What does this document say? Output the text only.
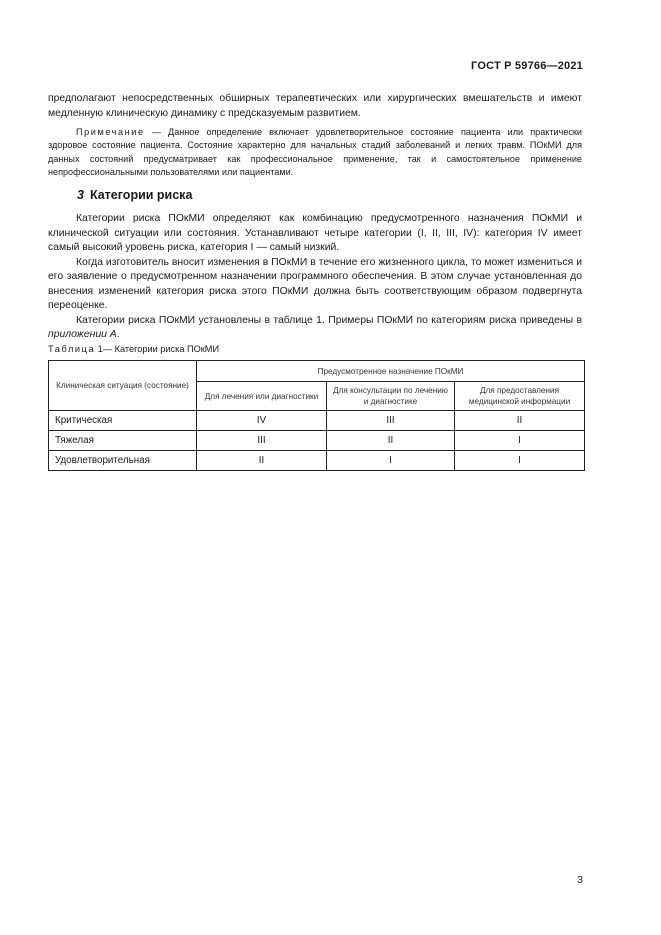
ГОСТ Р 59766—2021

предполагают непосредственных обширных терапевтических или хирургических вмешательств и имеют медленную клиническую динамику с предсказуемым развитием.

Примечание — Данное определение включает удовлетворительное состояние пациента или практически здоровое состояние пациента. Состояние характерно для начальных стадий заболеваний и легких травм. ПОкМИ для данных состояний предусматривает как профессиональное применение, так и самостоятельное применение непрофессиональными пользователями или пациентами.

3 Категории риска

Категории риска ПОкМИ определяют как комбинацию предусмотренного назначения ПОкМИ и клинической ситуации или состояния. Устанавливают четыре категории (I, II, III, IV): категория IV имеет самый высокий уровень риска, категория I — самый низкий.

Когда изготовитель вносит изменения в ПОкМИ в течение его жизненного цикла, то может измениться и его заявление о предусмотренном назначении программного обеспечения. В этом случае установленная до внесения изменений категория риска этого ПОкМИ должна быть соответствующим образом подвергнута переоценке.

Категории риска ПОкМИ установлены в таблице 1. Примеры ПОкМИ по категориям риска приведены в приложении А.

Таблица 1— Категории риска ПОкМИ
Клиническая ситуация (состояние)	Предусмотренное назначение ПОкМИ		
	Для лечения или диагностики	Для консультации по лечению и диагностике	Для предоставления медицинской информации
Критическая	IV	III	II
Тяжелая	III	II	I
Удовлетворительная	II	I	I
3
